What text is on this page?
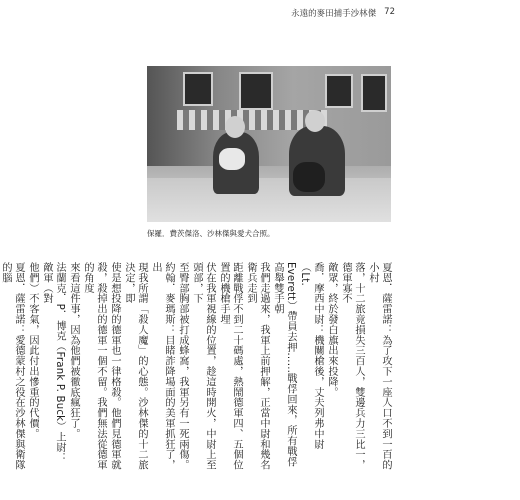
永遠的麥田捕手沙林傑 72
保羅．費茨傑洛、沙林傑與愛犬合照。
夏恩．薩雷諾：為了攻下一座人口不到一百的小村
落，十二旅竟損失三百人，雙邊兵力三比一，德軍寡不
敵眾，終於發白旗出來投降。
喬．摩西中尉：機關槍後，丈夫列弗中尉（Lt.
Everett）帶員去押……戰俘回來，所有戰俘高舉雙手朝
我們走過來，我軍上前押解，正當中尉和幾名衛兵走到
距離戰俘不到二十碼處，熱鬧德軍四、五個位置的機槍手埋
伏在我軍視線的位置，趁這時開火，中尉上至頭部，下
至臀部胸部被打成蜂窩，我軍另有一死兩傷。
約翰．麥瑪斯：目睹詐降場面的美軍抓狂了，出
現我所謂「殺人魔」的心態。沙林傑的十二旅決定，即
使是想投降的德軍也一律格殺。他們見德軍就
殺，殺掉出的德軍一個不留。我們無法從德軍的角度
來看這件事，因為他們被徹底瘋狂了。
法蘭克．P．博克（Frank P. Buck）上尉：敵軍（對
他們）不客氣，因此付出慘重的代價。
夏恩．薩雷諾：愛德蒙村之役在沙林傑與衛隊的腦
